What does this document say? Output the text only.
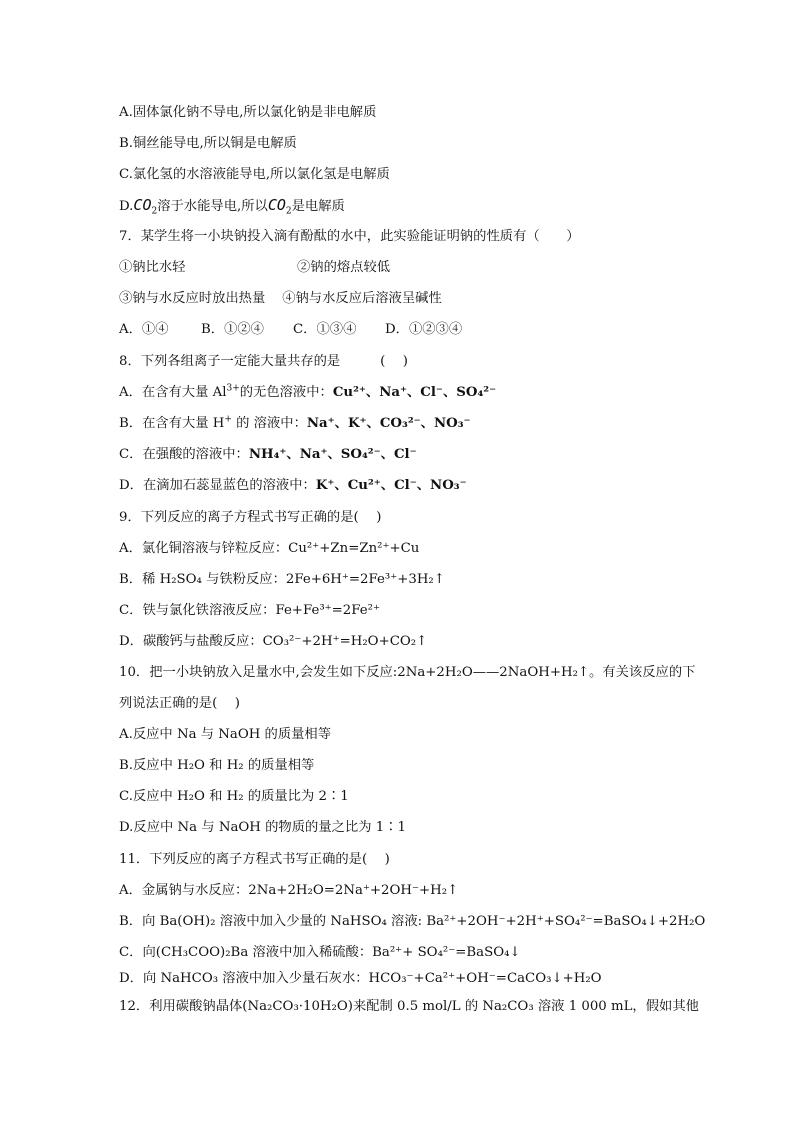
A.固体氯化钠不导电,所以氯化钠是非电解质
B.铜丝能导电,所以铜是电解质
C.氯化氢的水溶液能导电,所以氯化氢是电解质
$D.CO_2$溶于水能导电,所以$CO_2$是电解质
7．某学生将一小块钠投入滴有酚酞的水中，此实验能证明钠的性质有（　　）
①钠比水轻	②钠的熔点较低
③钠与水反应时放出热量 ④钠与水反应后溶液呈碱性
A．①④ B．①②④ C．①③④ D．①②③④
8．下列各组离子一定能大量共存的是　　　(　 )
A．在含有大量 $Al^{3+}$的无色溶液中：Cu²⁺、Na⁺、Cl⁻、SO₄²⁻
B．在含有大量 H+ 的 溶液中：Na⁺、K⁺、CO₃²⁻、NO₃⁻
C．在强酸的溶液中：NH₄⁺、Na⁺、SO₄²⁻、Cl⁻
D．在滴加石蕊显蓝色的溶液中：K⁺、Cu²⁺、Cl⁻、NO₃⁻
9．下列反应的离子方程式书写正确的是(　 )
A．氯化铜溶液与锌粒反应：Cu²⁺+Zn=Zn²⁺+Cu
B．稀 H₂SO₄ 与铁粉反应：2Fe+6H⁺=2Fe³⁺+3H₂↑
C．铁与氯化铁溶液反应：Fe+Fe³⁺=2Fe²⁺
D．碳酸钙与盐酸反应：CO₃²⁻+2H⁺=H₂O+CO₂↑
10．把一小块钠放入足量水中,会发生如下反应:2Na+2H₂O——2NaOH+H₂↑。有关该反应的下
列说法正确的是(　 )
A.反应中 Na 与 NaOH 的质量相等
B.反应中 H₂O 和 H₂ 的质量相等
C.反应中 H₂O 和 H₂ 的质量比为 2∶1
D.反应中 Na 与 NaOH 的物质的量之比为 1∶1
11．下列反应的离子方程式书写正确的是(　 )
A．金属钠与水反应：2Na+2H₂O=2Na⁺+2OH⁻+H₂↑
B．向 Ba(OH)₂ 溶液中加入少量的 NaHSO₄ 溶液: Ba²⁺+2OH⁻+2H⁺+SO₄²⁻=BaSO₄↓+2H₂O
C．向(CH₃COO)₂Ba 溶液中加入稀硫酸：Ba²⁺+ SO₄²⁻=BaSO₄↓
D．向 NaHCO₃ 溶液中加入少量石灰水：HCO₃⁻+Ca²⁺+OH⁻=CaCO₃↓+H₂O
12．利用碳酸钠晶体(Na₂CO₃·10H₂O)来配制 0.5 mol/L 的 Na₂CO₃ 溶液 1 000 mL，假如其他
